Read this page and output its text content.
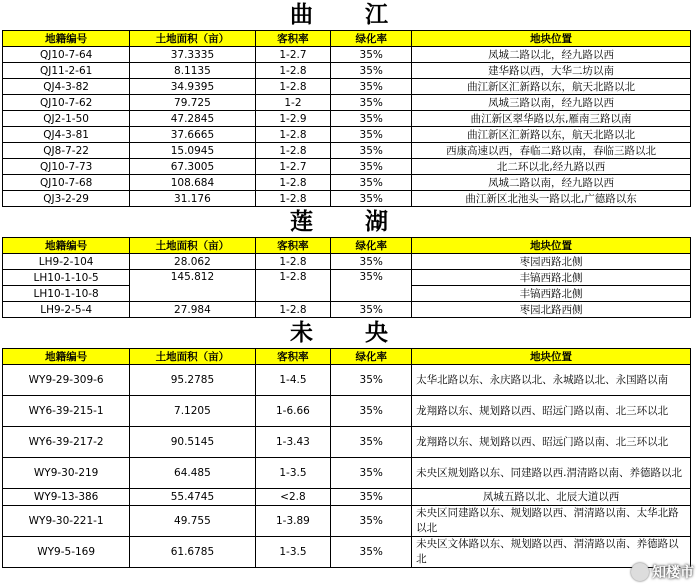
曲 江
地籍编号	土地面积（亩）	客积率	绿化率	地块位置
QJ10-7-64	37.3335	1-2.7	35%	凤城二路以北，经九路以西
QJ11-2-61	8.1135	1-2.8	35%	建华路以西，大华二坊以南
QJ4-3-82	34.9395	1-2.8	35%	曲江新区汇新路以东，航天北路以北
QJ10-7-62	79.725	1-2	35%	凤城三路以南，经九路以西
QJ2-1-50	47.2845	1-2.9	35%	曲江新区翠华路以东,雁南三路以南
QJ4-3-81	37.6665	1-2.8	35%	曲江新区汇新路以东，航天北路以北
QJ8-7-22	15.0945	1-2.8	35%	西康高速以西，春临二路以南，春临三路以北
QJ10-7-73	67.3005	1-2.7	35%	北二环以北,经九路以西
QJ10-7-68	108.684	1-2.8	35%	凤城二路以南，经九路以西
QJ3-2-29	31.176	1-2.8	35%	曲江新区北池头一路以北,广德路以东
莲 湖
地籍编号	土地面积（亩）	客积率	绿化率	地块位置
LH9-2-104	28.062	1-2.8	35%	枣园西路北侧
LH10-1-10-5	145.812	1-2.8	35%	丰镐西路北侧
LH10-1-10-8				丰镐西路北侧
LH9-2-5-4	27.984	1-2.8	35%	枣园北路西侧
未 央
地籍编号	土地面积（亩）	客积率	绿化率	地块位置
WY9-29-309-6	95.2785	1-4.5	35%	太华北路以东、永庆路以北、永城路以北、永国路以南
WY6-39-215-1	7.1205	1-6.66	35%	龙翔路以东、规划路以西、昭远门路以南、北三环以北
WY6-39-217-2	90.5145	1-3.43	35%	龙翔路以东、规划路以西、昭远门路以南、北三环以北
WY9-30-219	64.485	1-3.5	35%	未央区规划路以东、同建路以西.渭清路以南、养德路以北
WY9-13-386	55.4745	<2.8	35%	凤城五路以北、北辰大道以西
WY9-30-221-1	49.755	1-3.89	35%	未央区同建路以东、规划路以西、渭清路以南、太华北路以北
WY9-5-169	61.6785	1-3.5	35%	未央区文体路以东、规划路以西、渭清路以南、养德路以北
知楼市
